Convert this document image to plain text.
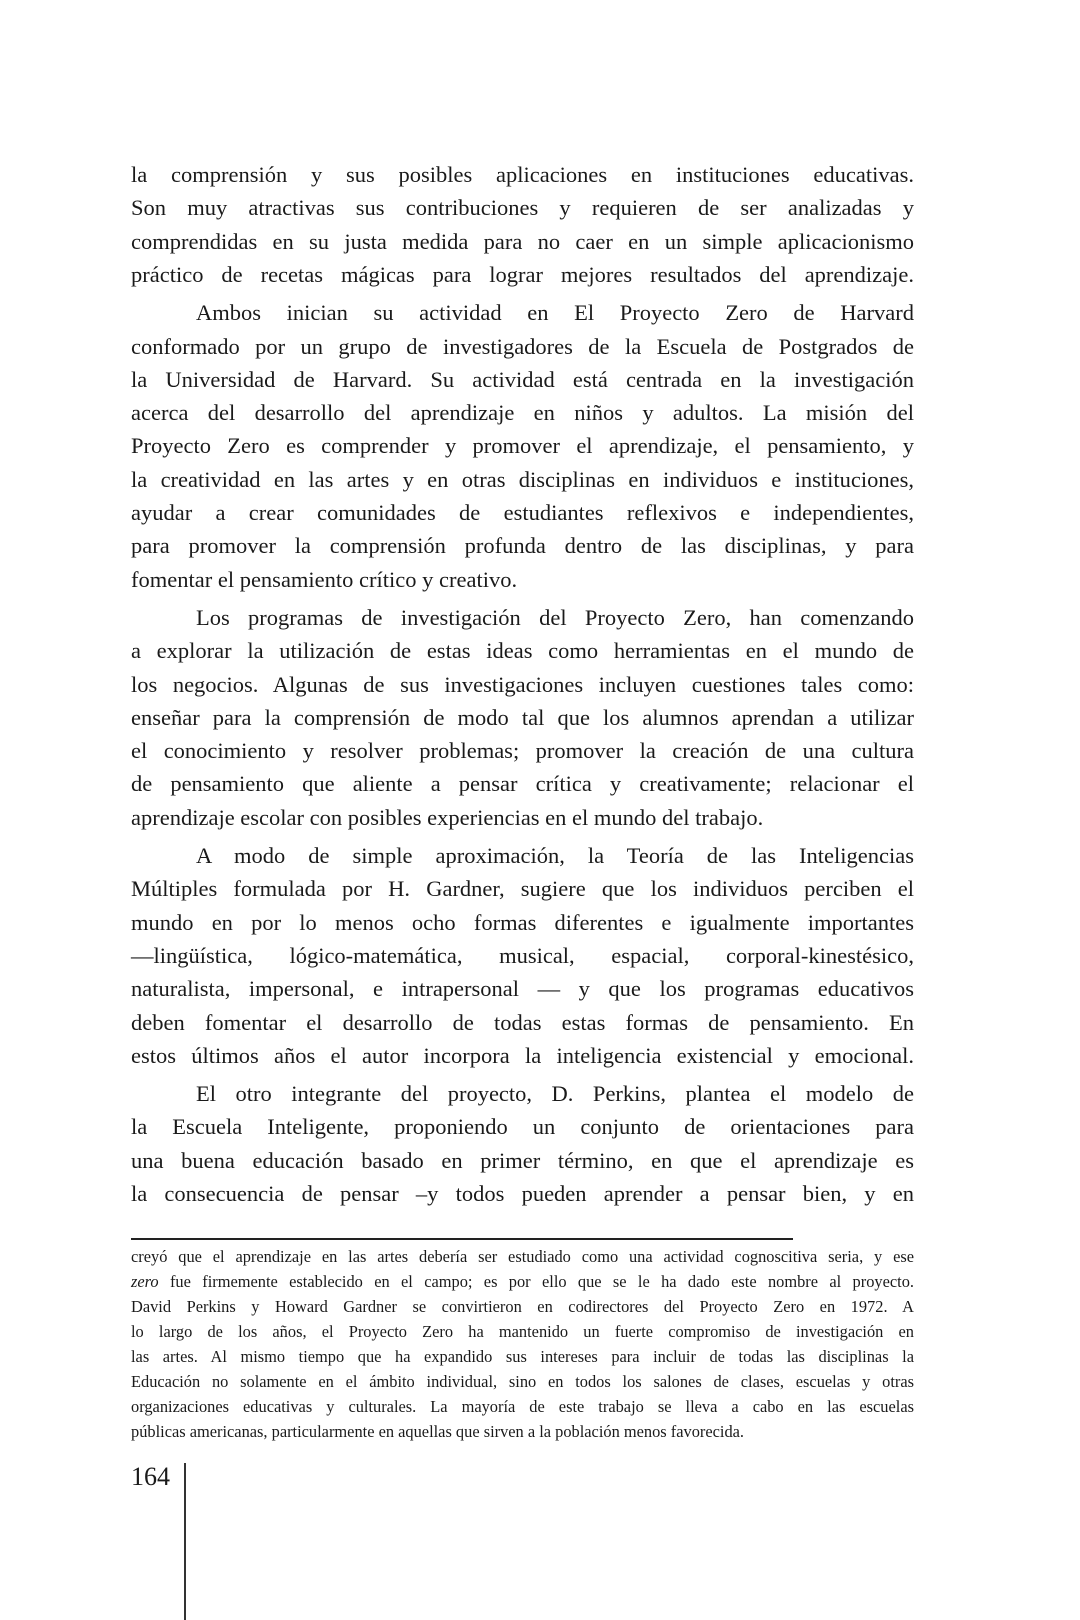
la comprensión y sus posibles aplicaciones en instituciones educativas.
Son muy atractivas sus contribuciones y requieren de ser analizadas y
comprendidas en su justa medida para no caer en un simple aplicacionismo
práctico de recetas mágicas para lograr mejores resultados del aprendizaje.
Ambos inician su actividad en El Proyecto Zero de Harvard
conformado por un grupo de investigadores de la Escuela de Postgrados de
la Universidad de Harvard. Su actividad está centrada en la investigación
acerca del desarrollo del aprendizaje en niños y adultos. La misión del
Proyecto Zero es comprender y promover el aprendizaje, el pensamiento, y
la creatividad en las artes y en otras disciplinas en individuos e instituciones,
ayudar a crear comunidades de estudiantes reflexivos e independientes,
para promover la comprensión profunda dentro de las disciplinas, y para
fomentar el pensamiento crítico y creativo.
Los programas de investigación del Proyecto Zero, han comenzando
a explorar la utilización de estas ideas como herramientas en el mundo de
los negocios. Algunas de sus investigaciones incluyen cuestiones tales como:
enseñar para la comprensión de modo tal que los alumnos aprendan a utilizar
el conocimiento y resolver problemas; promover la creación de una cultura
de pensamiento que aliente a pensar crítica y creativamente; relacionar el
aprendizaje escolar con posibles experiencias en el mundo del trabajo.
A modo de simple aproximación, la Teoría de las Inteligencias
Múltiples formulada por H. Gardner, sugiere que los individuos perciben el
mundo en por lo menos ocho formas diferentes e igualmente importantes
—lingüística, lógico-matemática, musical, espacial, corporal-kinestésico,
naturalista, impersonal, e intrapersonal — y que los programas educativos
deben fomentar el desarrollo de todas estas formas de pensamiento. En
estos últimos años el autor incorpora la inteligencia existencial y emocional.
El otro integrante del proyecto, D. Perkins, plantea el modelo de
la Escuela Inteligente, proponiendo un conjunto de orientaciones para
una buena educación basado en primer término, en que el aprendizaje es
la consecuencia de pensar –y todos pueden aprender a pensar bien, y en
creyó que el aprendizaje en las artes debería ser estudiado como una actividad cognoscitiva seria, y ese
zero fue firmemente establecido en el campo; es por ello que se le ha dado este nombre al proyecto.
David Perkins y Howard Gardner se convirtieron en codirectores del Proyecto Zero en 1972. A
lo largo de los años, el Proyecto Zero ha mantenido un fuerte compromiso de investigación en
las artes. Al mismo tiempo que ha expandido sus intereses para incluir de todas las disciplinas la
Educación no solamente en el ámbito individual, sino en todos los salones de clases, escuelas y otras
organizaciones educativas y culturales. La mayoría de este trabajo se lleva a cabo en las escuelas
públicas americanas, particularmente en aquellas que sirven a la población menos favorecida.
164
